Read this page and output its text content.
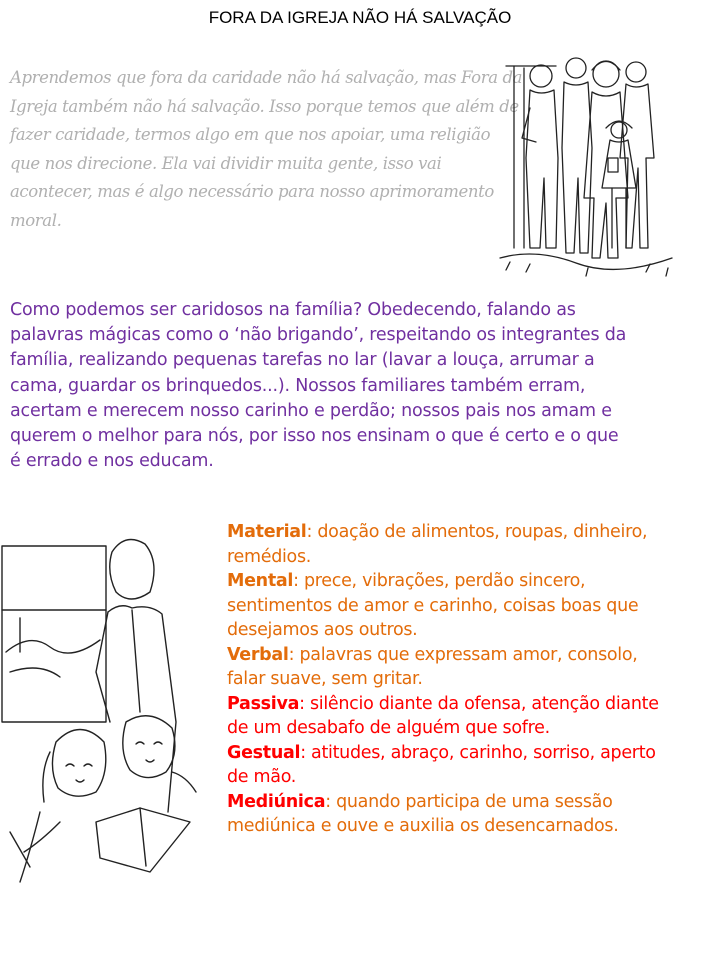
FORA DA IGREJA NÃO HÁ SALVAÇÃO
Aprendemos que fora da caridade não há salvação, mas Fora da
Igreja também não há salvação. Isso porque temos que além de
fazer caridade, termos algo em que nos apoiar, uma religião
que nos direcione. Ela vai dividir muita gente, isso vai
acontecer, mas é algo necessário para nosso aprimoramento
moral.
Como podemos ser caridosos na família? Obedecendo, falando as
palavras mágicas como o ‘não brigando’, respeitando os integrantes da
família, realizando pequenas tarefas no lar (lavar a louça, arrumar a
cama, guardar os brinquedos...). Nossos familiares também erram,
acertam e merecem nosso carinho e perdão; nossos pais nos amam e
querem o melhor para nós, por isso nos ensinam o que é certo e o que
é errado e nos educam.
Material: doação de alimentos, roupas, dinheiro,
remédios.
Mental: prece, vibrações, perdão sincero,
sentimentos de amor e carinho, coisas boas que
desejamos aos outros.
Verbal: palavras que expressam amor, consolo,
falar suave, sem gritar.
Passiva: silêncio diante da ofensa, atenção diante
de um desabafo de alguém que sofre.
Gestual: atitudes, abraço, carinho, sorriso, aperto
de mão.
Mediúnica: quando participa de uma sessão
mediúnica e ouve e auxilia os desencarnados.
